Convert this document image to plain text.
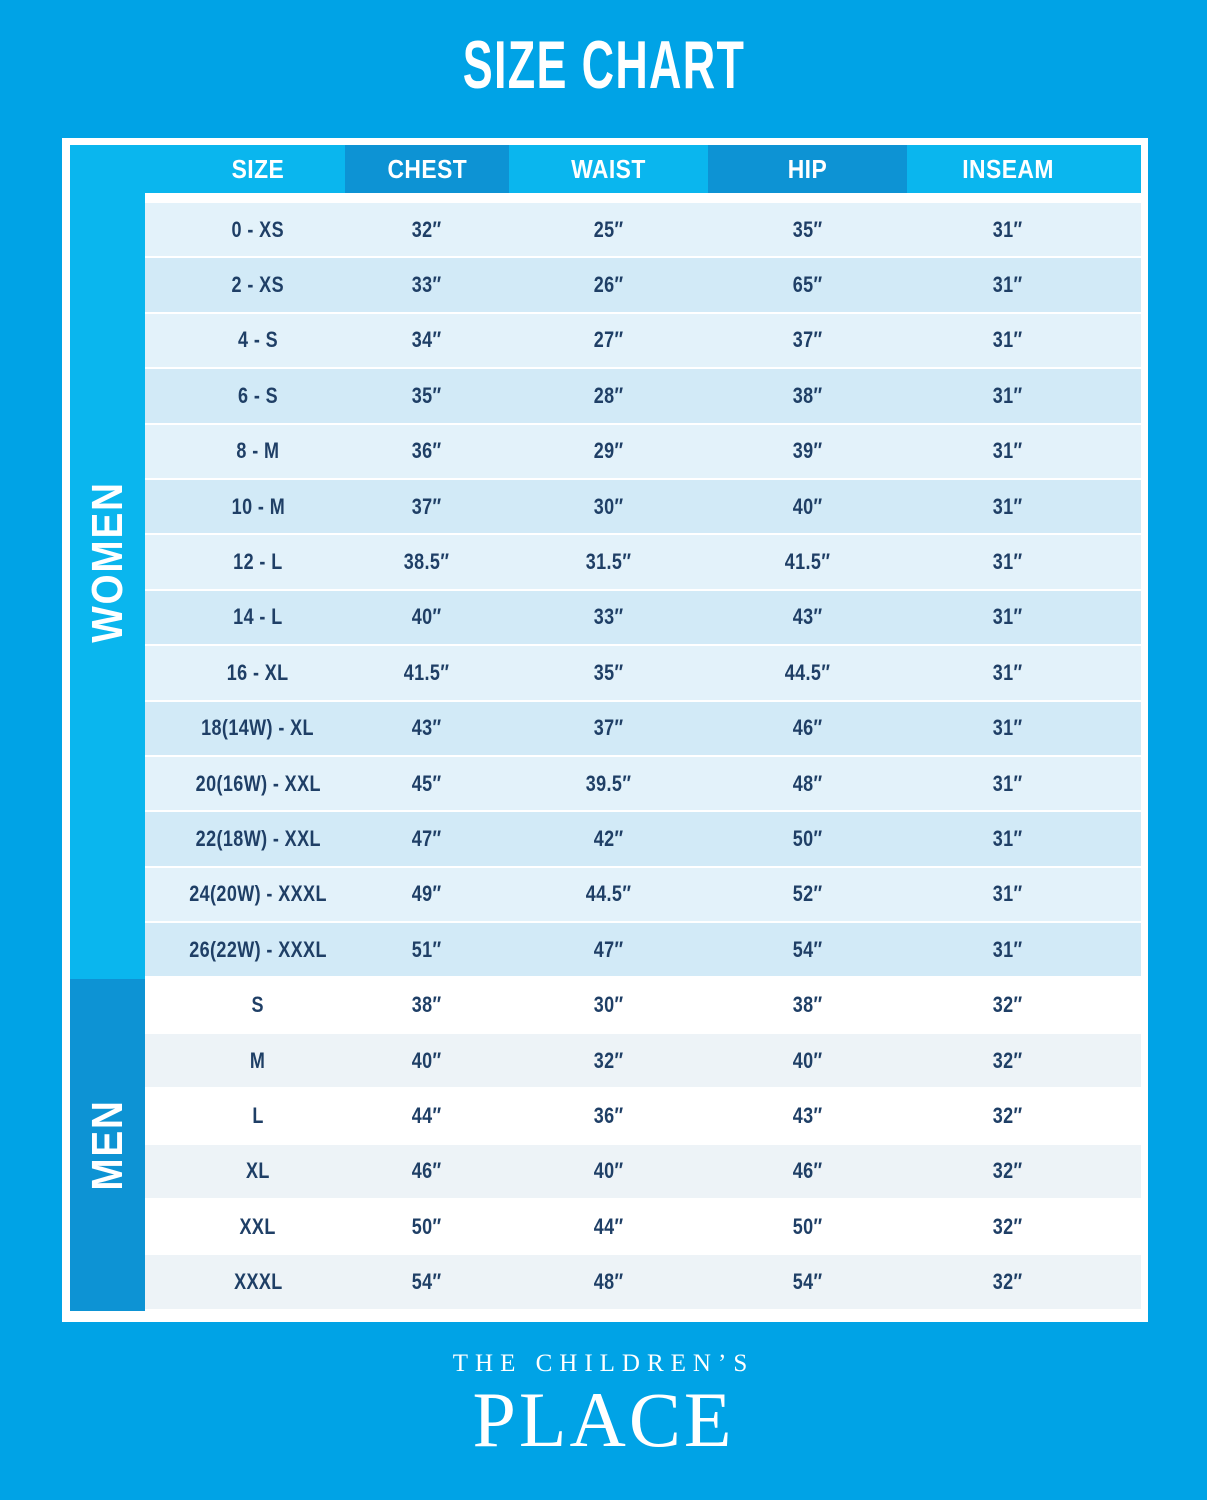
SIZE CHART
WOMEN
MEN
SIZE	CHEST	WAIST	HIP	INSEAM
0 - XS	32″	25″	35″	31″
2 - XS	33″	26″	65″	31″
4 - S	34″	27″	37″	31″
6 - S	35″	28″	38″	31″
8 - M	36″	29″	39″	31″
10 - M	37″	30″	40″	31″
12 - L	38.5″	31.5″	41.5″	31″
14 - L	40″	33″	43″	31″
16 - XL	41.5″	35″	44.5″	31″
18(14W) - XL	43″	37″	46″	31″
20(16W) - XXL	45″	39.5″	48″	31″
22(18W) - XXL	47″	42″	50″	31″
24(20W) - XXXL	49″	44.5″	52″	31″
26(22W) - XXXL	51″	47″	54″	31″
S	38″	30″	38″	32″
M	40″	32″	40″	32″
L	44″	36″	43″	32″
XL	46″	40″	46″	32″
XXL	50″	44″	50″	32″
XXXL	54″	48″	54″	32″
THE CHILDREN’S
PLACE
